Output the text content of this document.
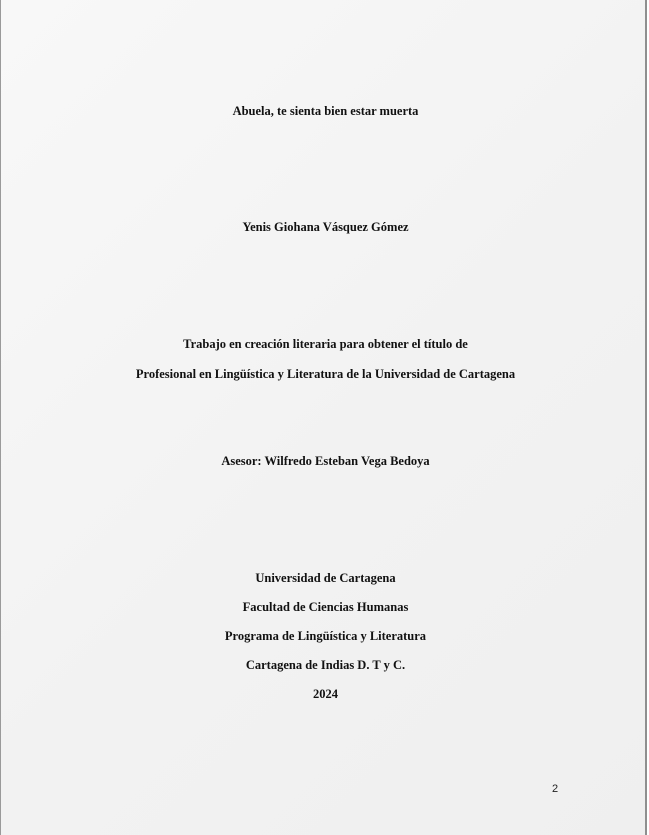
Abuela, te sienta bien estar muerta
Yenis Giohana Vásquez Gómez
Trabajo en creación literaria para obtener el título de
Profesional en Lingüística y Literatura de la Universidad de Cartagena
Asesor: Wilfredo Esteban Vega Bedoya
Universidad de Cartagena
Facultad de Ciencias Humanas
Programa de Lingüística y Literatura
Cartagena de Indias D. T y C.
2024
2
